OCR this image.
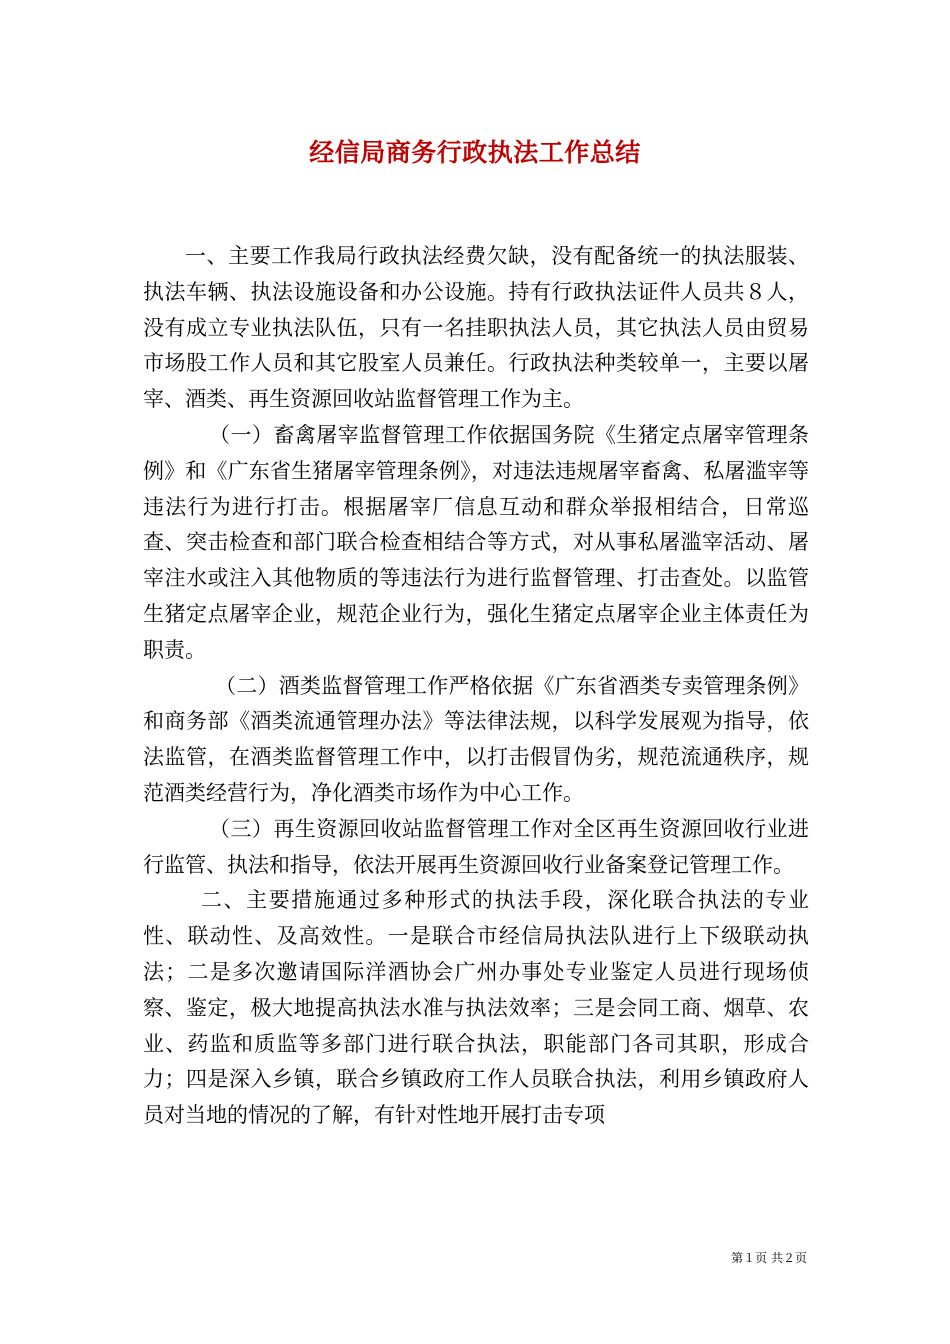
经信局商务行政执法工作总结

一、主要工作我局行政执法经费欠缺，没有配备统一的执法服装、执法车辆、执法设施设备和办公设施。持有行政执法证件人员共８人，没有成立专业执法队伍，只有一名挂职执法人员，其它执法人员由贸易市场股工作人员和其它股室人员兼任。行政执法种类较单一，主要以屠宰、酒类、再生资源回收站监督管理工作为主。

（一）畜禽屠宰监督管理工作依据国务院《生猪定点屠宰管理条例》和《广东省生猪屠宰管理条例》，对违法违规屠宰畜禽、私屠滥宰等违法行为进行打击。根据屠宰厂信息互动和群众举报相结合，日常巡查、突击检查和部门联合检查相结合等方式，对从事私屠滥宰活动、屠宰注水或注入其他物质的等违法行为进行监督管理、打击查处。以监管生猪定点屠宰企业，规范企业行为，强化生猪定点屠宰企业主体责任为职责。

（二）酒类监督管理工作严格依据《广东省酒类专卖管理条例》和商务部《酒类流通管理办法》等法律法规，以科学发展观为指导，依法监管，在酒类监督管理工作中，以打击假冒伪劣，规范流通秩序，规范酒类经营行为，净化酒类市场作为中心工作。

（三）再生资源回收站监督管理工作对全区再生资源回收行业进行监管、执法和指导，依法开展再生资源回收行业备案登记管理工作。

二、主要措施通过多种形式的执法手段，深化联合执法的专业性、联动性、及高效性。一是联合市经信局执法队进行上下级联动执法；二是多次邀请国际洋酒协会广州办事处专业鉴定人员进行现场侦察、鉴定，极大地提高执法水准与执法效率；三是会同工商、烟草、农业、药监和质监等多部门进行联合执法，职能部门各司其职，形成合力；四是深入乡镇，联合乡镇政府工作人员联合执法，利用乡镇政府人员对当地的情况的了解，有针对性地开展打击专项

第１页 共２页
